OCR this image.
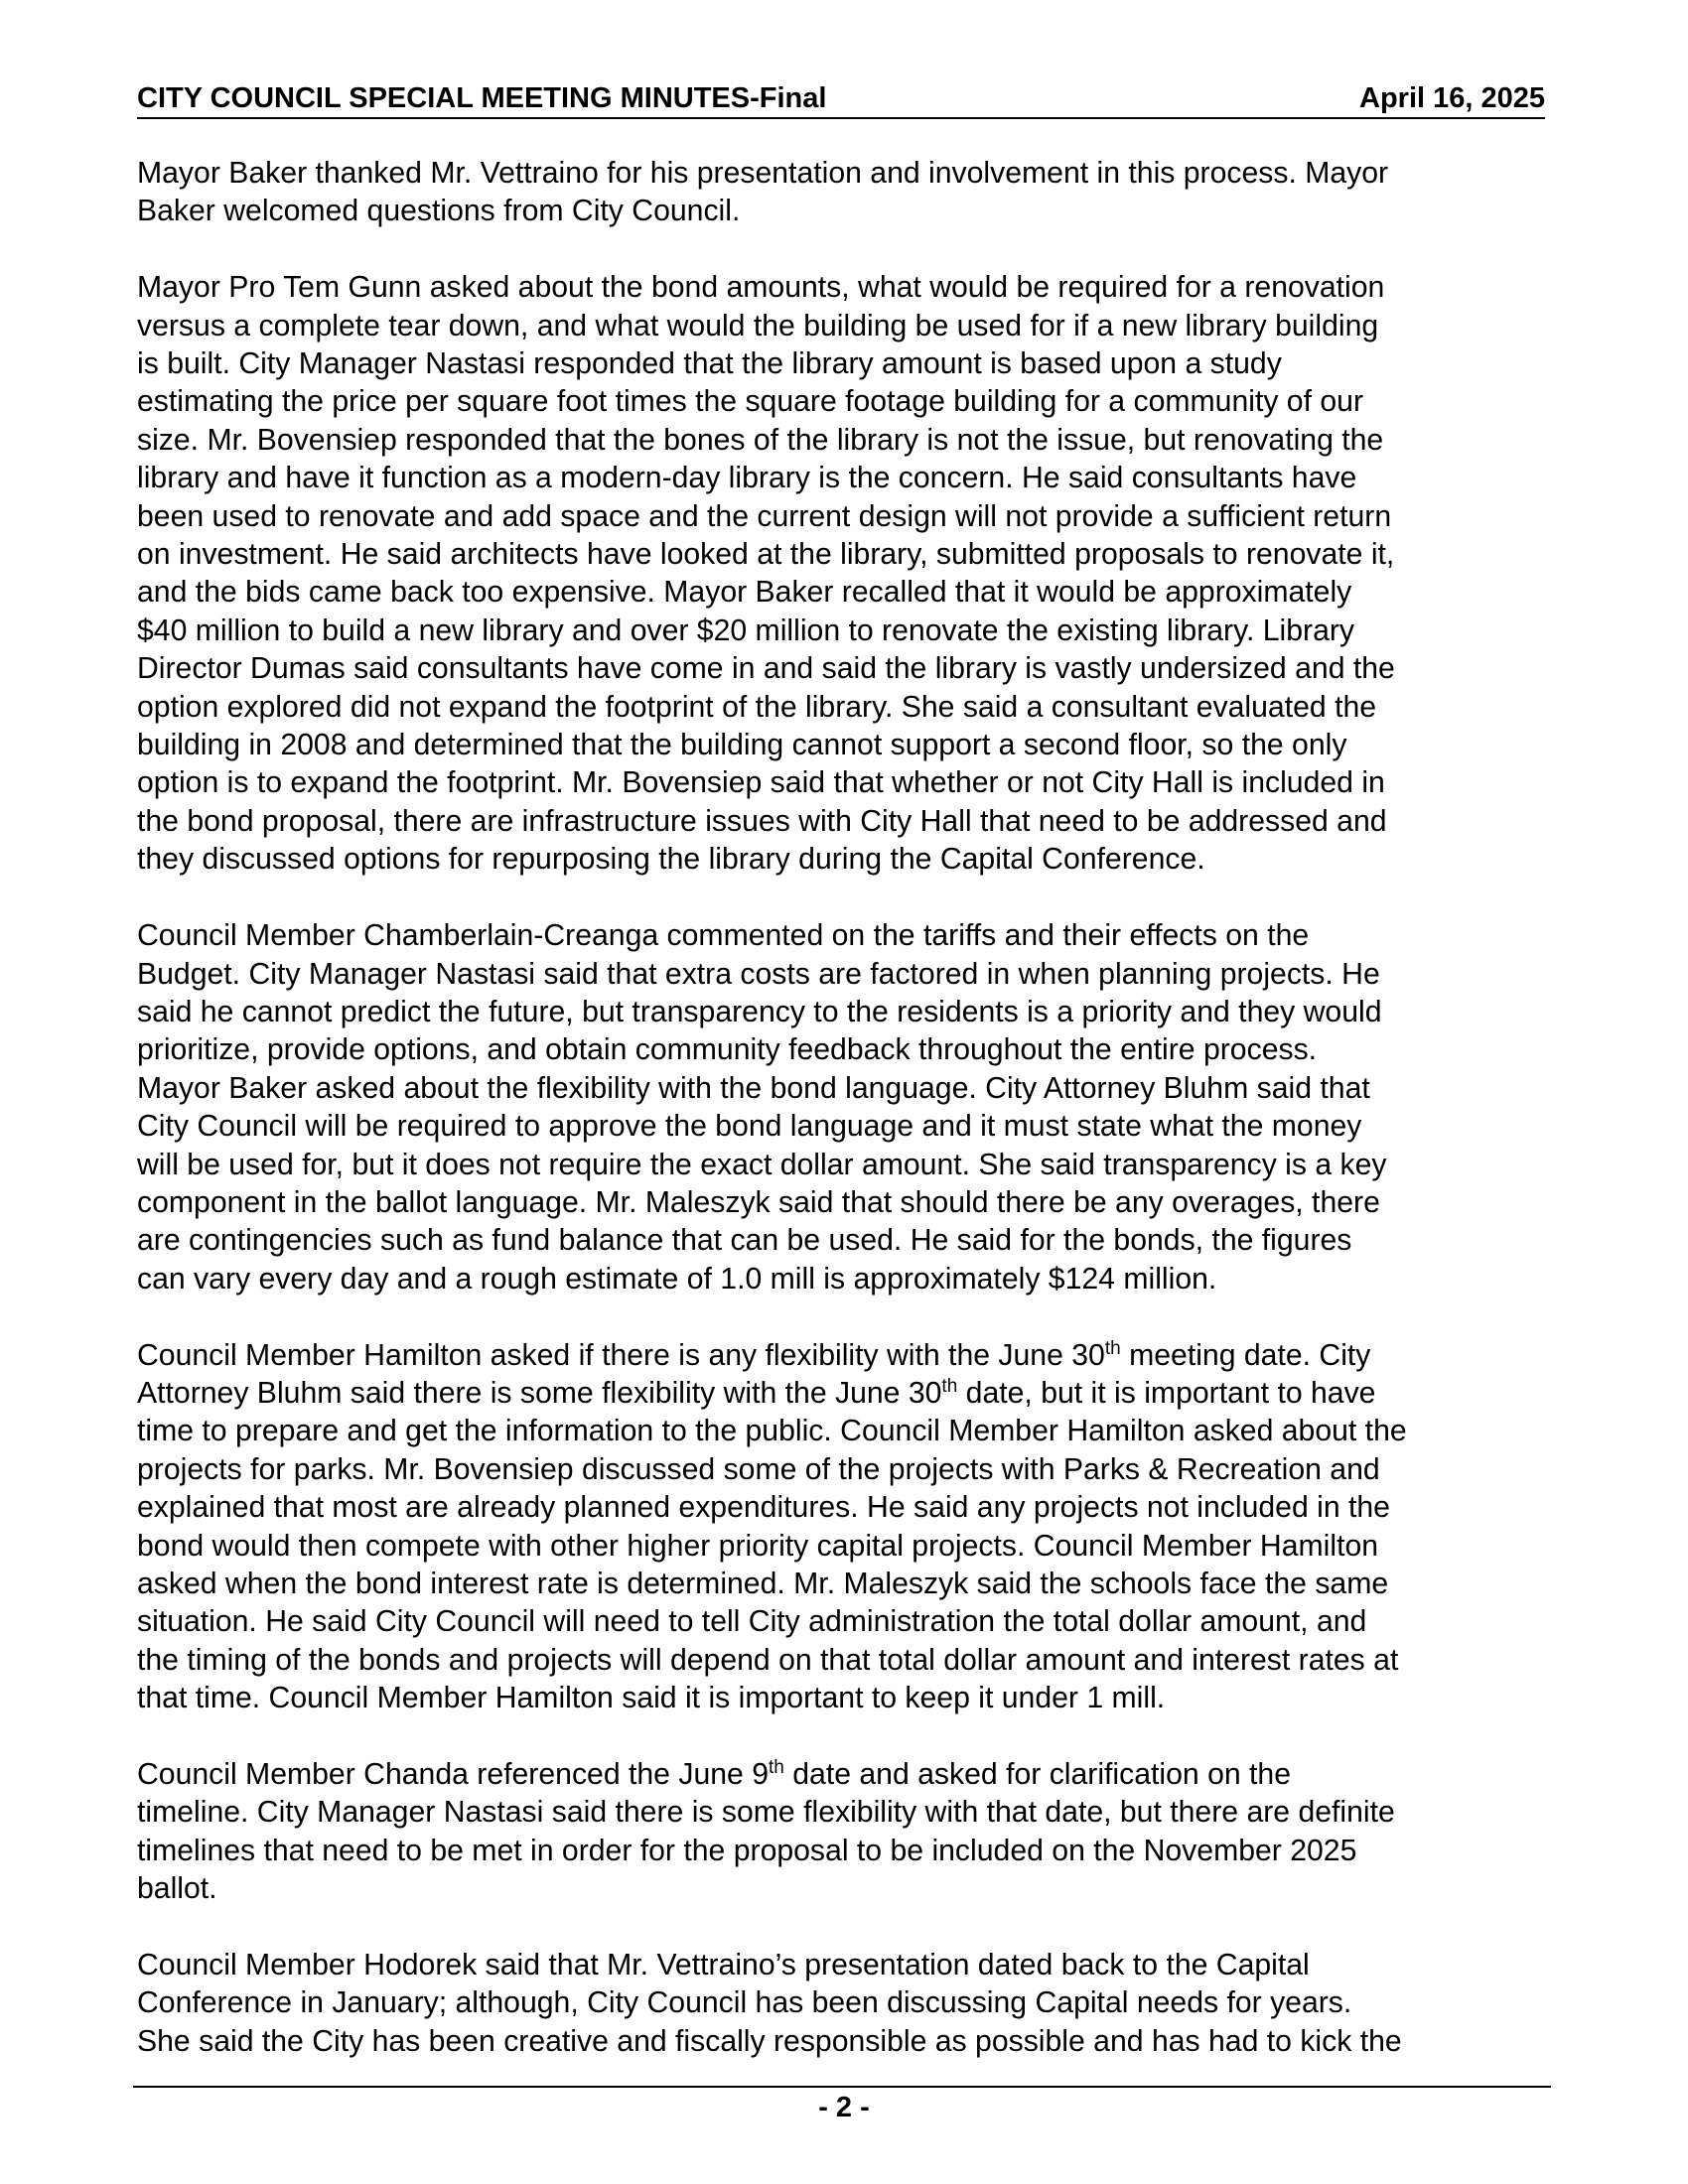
CITY COUNCIL SPECIAL MEETING MINUTES-Final	April 16, 2025
Mayor Baker thanked Mr. Vettraino for his presentation and involvement in this process. Mayor
Baker welcomed questions from City Council.
Mayor Pro Tem Gunn asked about the bond amounts, what would be required for a renovation
versus a complete tear down, and what would the building be used for if a new library building
is built. City Manager Nastasi responded that the library amount is based upon a study
estimating the price per square foot times the square footage building for a community of our
size. Mr. Bovensiep responded that the bones of the library is not the issue, but renovating the
library and have it function as a modern-day library is the concern. He said consultants have
been used to renovate and add space and the current design will not provide a sufficient return
on investment. He said architects have looked at the library, submitted proposals to renovate it,
and the bids came back too expensive. Mayor Baker recalled that it would be approximately
$40 million to build a new library and over $20 million to renovate the existing library. Library
Director Dumas said consultants have come in and said the library is vastly undersized and the
option explored did not expand the footprint of the library. She said a consultant evaluated the
building in 2008 and determined that the building cannot support a second floor, so the only
option is to expand the footprint. Mr. Bovensiep said that whether or not City Hall is included in
the bond proposal, there are infrastructure issues with City Hall that need to be addressed and
they discussed options for repurposing the library during the Capital Conference.
Council Member Chamberlain-Creanga commented on the tariffs and their effects on the
Budget. City Manager Nastasi said that extra costs are factored in when planning projects. He
said he cannot predict the future, but transparency to the residents is a priority and they would
prioritize, provide options, and obtain community feedback throughout the entire process.
Mayor Baker asked about the flexibility with the bond language. City Attorney Bluhm said that
City Council will be required to approve the bond language and it must state what the money
will be used for, but it does not require the exact dollar amount. She said transparency is a key
component in the ballot language. Mr. Maleszyk said that should there be any overages, there
are contingencies such as fund balance that can be used. He said for the bonds, the figures
can vary every day and a rough estimate of 1.0 mill is approximately $124 million.
Council Member Hamilton asked if there is any flexibility with the June 30th meeting date. City
Attorney Bluhm said there is some flexibility with the June 30th date, but it is important to have
time to prepare and get the information to the public. Council Member Hamilton asked about the
projects for parks. Mr. Bovensiep discussed some of the projects with Parks & Recreation and
explained that most are already planned expenditures. He said any projects not included in the
bond would then compete with other higher priority capital projects. Council Member Hamilton
asked when the bond interest rate is determined. Mr. Maleszyk said the schools face the same
situation. He said City Council will need to tell City administration the total dollar amount, and
the timing of the bonds and projects will depend on that total dollar amount and interest rates at
that time. Council Member Hamilton said it is important to keep it under 1 mill.
Council Member Chanda referenced the June 9th date and asked for clarification on the
timeline. City Manager Nastasi said there is some flexibility with that date, but there are definite
timelines that need to be met in order for the proposal to be included on the November 2025
ballot.
Council Member Hodorek said that Mr. Vettraino’s presentation dated back to the Capital
Conference in January; although, City Council has been discussing Capital needs for years.
She said the City has been creative and fiscally responsible as possible and has had to kick the
- 2 -
